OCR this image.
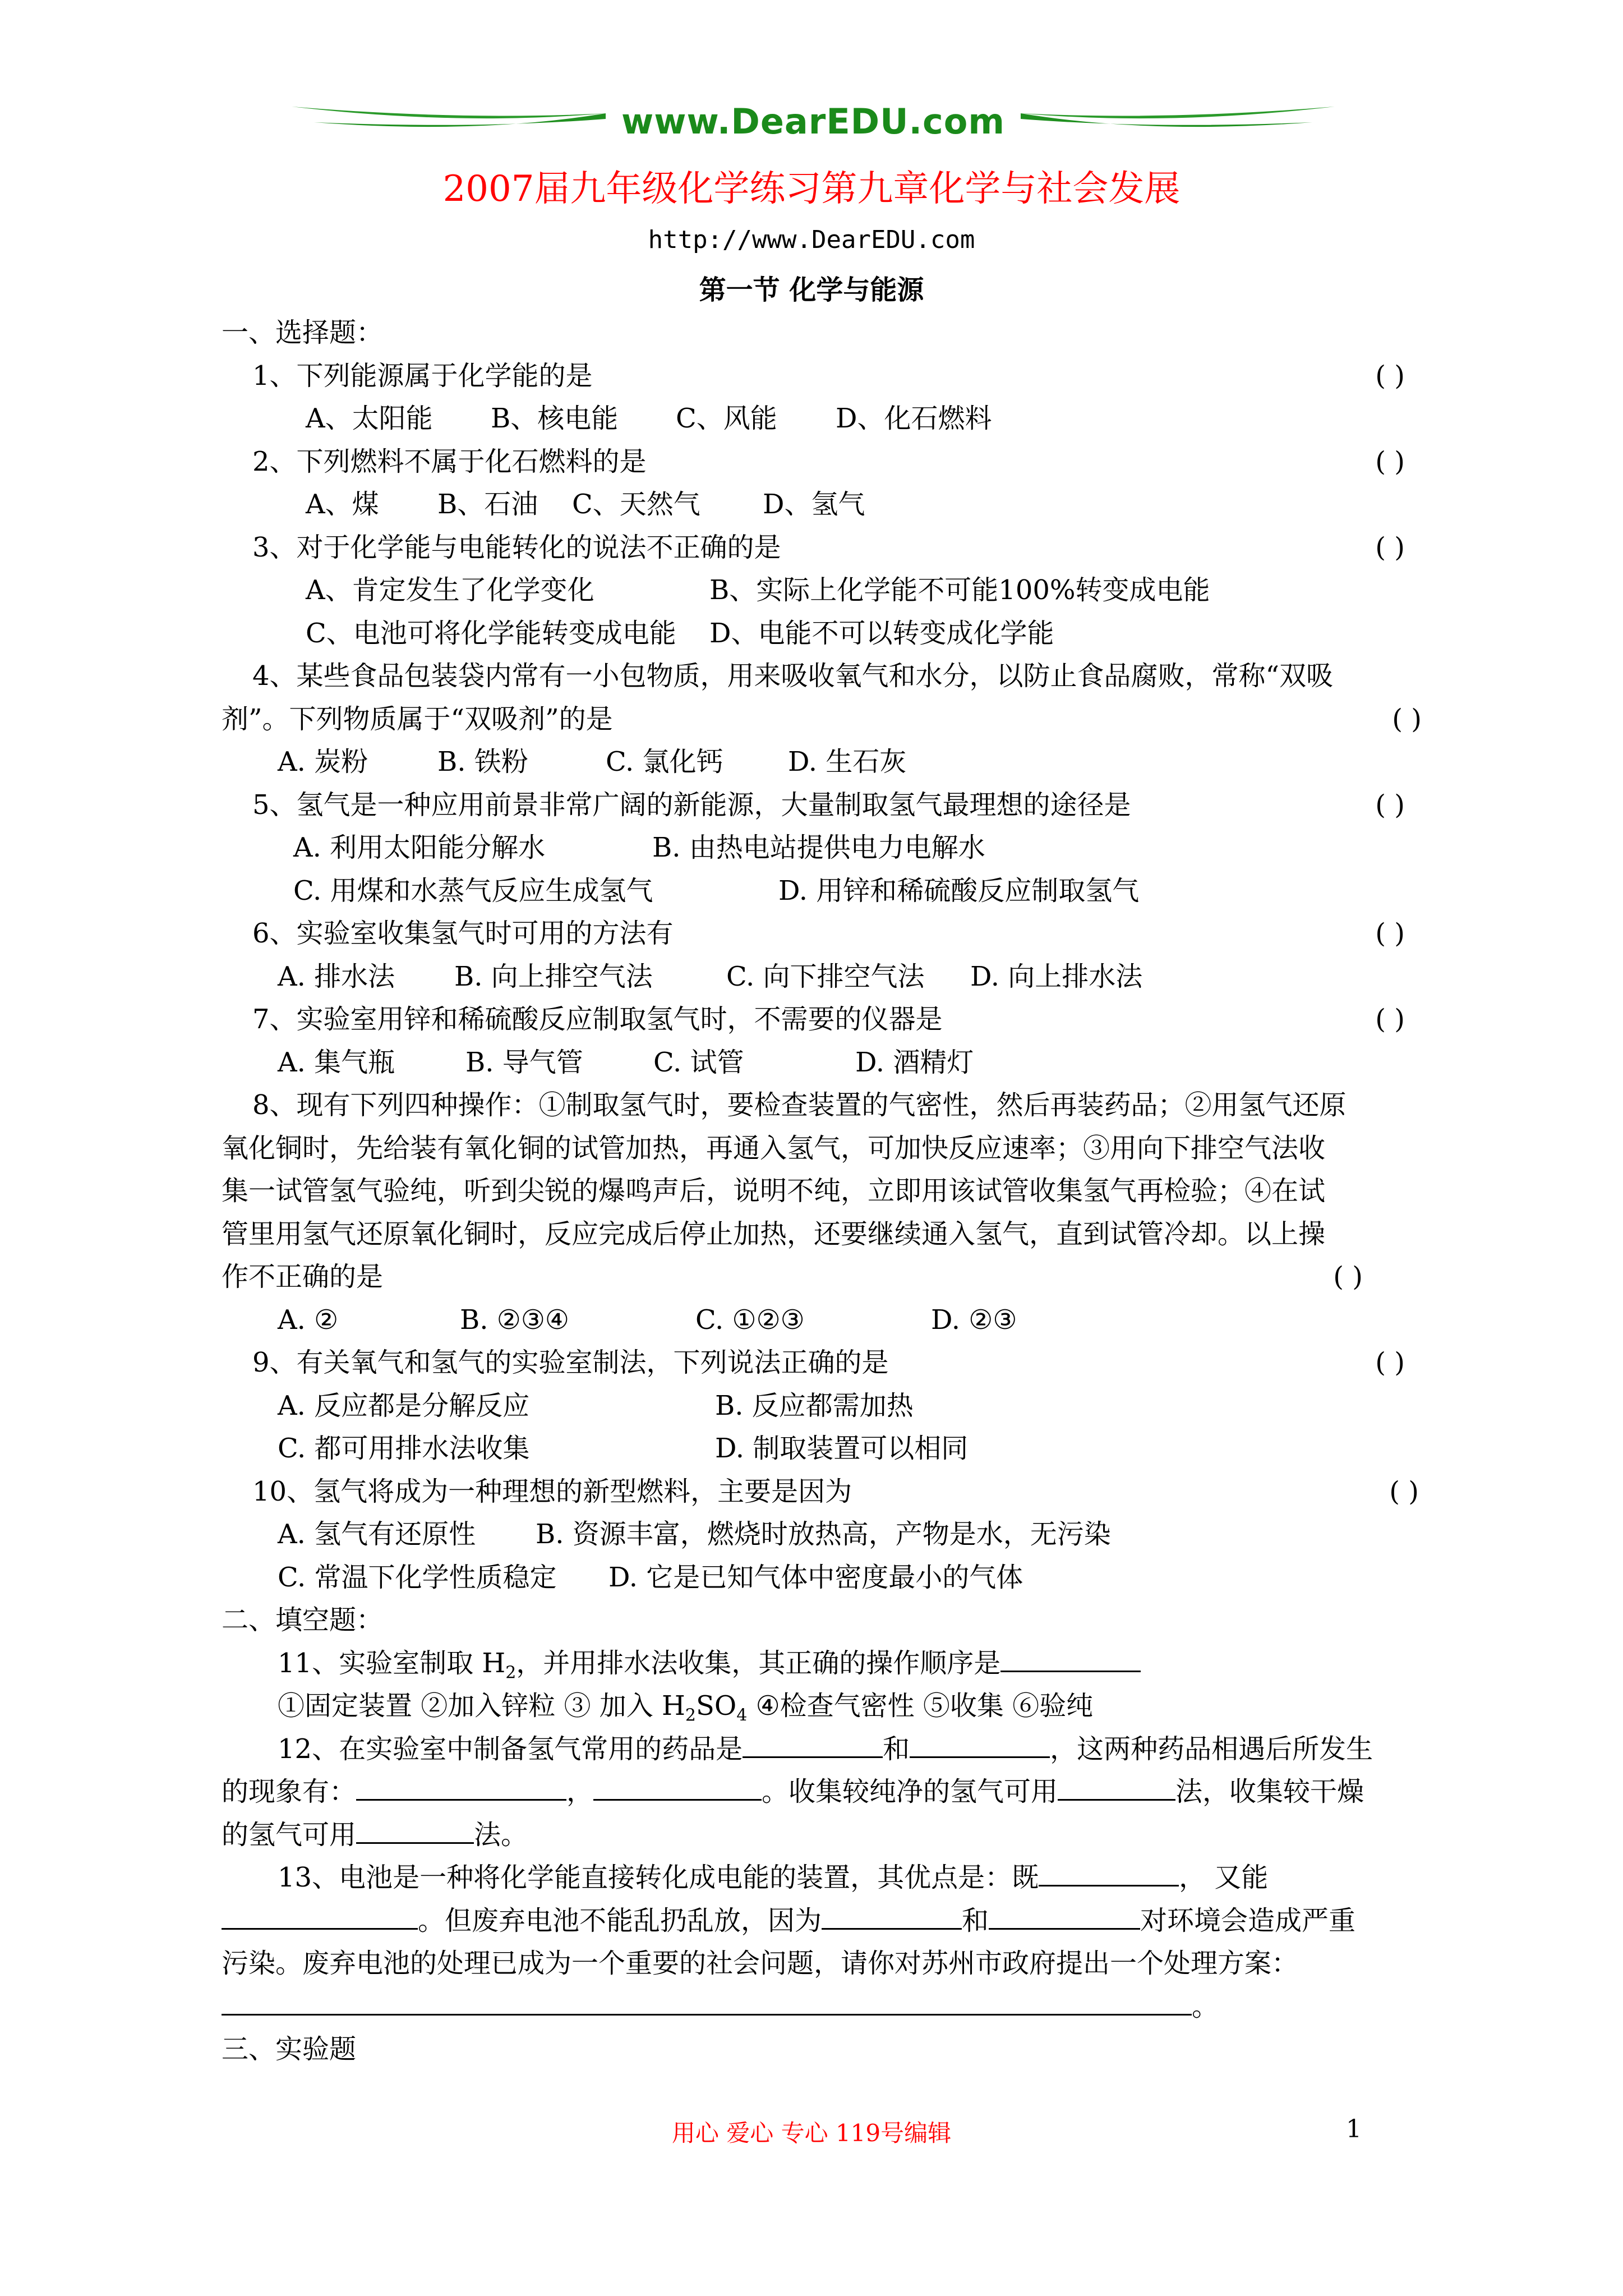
www.DearEDU.com
2007届九年级化学练习第九章化学与社会发展
http://www.DearEDU.com
第一节 化学与能源
一、选择题：
1、下列能源属于化学能的是	( )
A、太阳能 B、核电能 C、风能 D、化石燃料
2、下列燃料不属于化石燃料的是	( )
A、煤 B、石油 C、天然气 D、氢气
3、对于化学能与电能转化的说法不正确的是	( )
A、肯定发生了化学变化	B、实际上化学能不可能100%转变成电能
C、电池可将化学能转变成电能 D、电能不可以转变成化学能
4、某些食品包装袋内常有一小包物质，用来吸收氧气和水分，以防止食品腐败，常称“双吸
剂”。下列物质属于“双吸剂”的是	( )
A. 炭粉	B. 铁粉	C. 氯化钙 D. 生石灰
5、氢气是一种应用前景非常广阔的新能源，大量制取氢气最理想的途径是	( )
A. 利用太阳能分解水	B. 由热电站提供电力电解水
C. 用煤和水蒸气反应生成氢气	D. 用锌和稀硫酸反应制取氢气
6、实验室收集氢气时可用的方法有	( )
A. 排水法 B. 向上排空气法	C. 向下排空气法 D. 向上排水法
7、实验室用锌和稀硫酸反应制取氢气时，不需要的仪器是	( )
A. 集气瓶	B. 导气管	C. 试管	D. 酒精灯
8、现有下列四种操作：①制取氢气时，要检查装置的气密性，然后再装药品；②用氢气还原
氧化铜时，先给装有氧化铜的试管加热，再通入氢气，可加快反应速率；③用向下排空气法收
集一试管氢气验纯，听到尖锐的爆鸣声后，说明不纯，立即用该试管收集氢气再检验；④在试
管里用氢气还原氧化铜时，反应完成后停止加热，还要继续通入氢气，直到试管冷却。以上操
作不正确的是	( )
A. ②	B. ②③④	C. ①②③	D. ②③
9、有关氧气和氢气的实验室制法，下列说法正确的是	( )
A. 反应都是分解反应	B. 反应都需加热
C. 都可用排水法收集	D. 制取装置可以相同
10、氢气将成为一种理想的新型燃料，主要是因为	( )
A. 氢气有还原性 B. 资源丰富，燃烧时放热高，产物是水，无污染
C. 常温下化学性质稳定 D. 它是已知气体中密度最小的气体
二、填空题：
11、实验室制取 $H_2$，并用排水法收集，其正确的操作顺序是
①固定装置 ②加入锌粒 ③ 加入 $H_2SO_4$ ④检查气密性 ⑤收集 ⑥验纯
12、在实验室中制备氢气常用的药品是	和	，这两种药品相遇后所发生
的现象有：	，	。收集较纯净的氢气可用	法，收集较干燥
的氢气可用	法。
13、电池是一种将化学能直接转化成电能的装置，其优点是：既	， 又能
。但废弃电池不能乱扔乱放，因为	和	对环境会造成严重
污染。废弃电池的处理已成为一个重要的社会问题，请你对苏州市政府提出一个处理方案：
。
三、实验题
用心 爱心 专心 119号编辑	1
